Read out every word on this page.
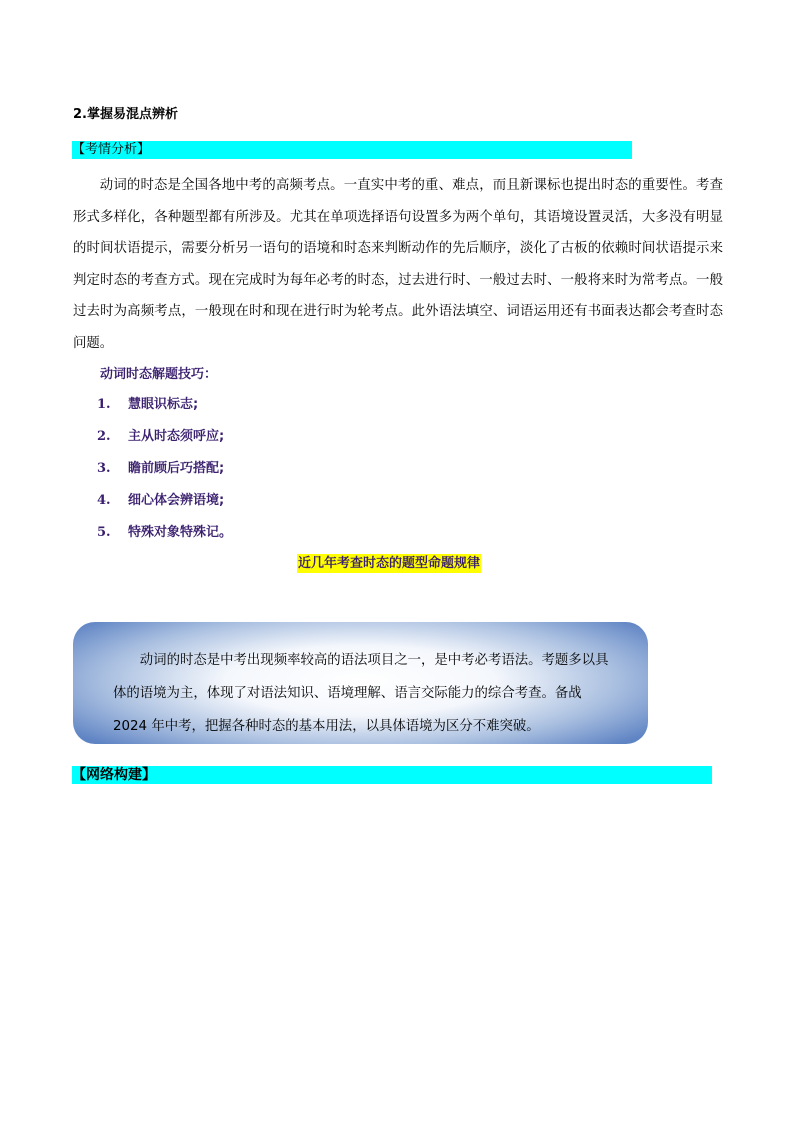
2.掌握易混点辨析
【考情分析】

动词的时态是全国各地中考的高频考点。一直实中考的重、难点，而且新课标也提出时态的重要性。考查形式多样化，各种题型都有所涉及。尤其在单项选择语句设置多为两个单句，其语境设置灵活，大多没有明显的时间状语提示，需要分析另一语句的语境和时态来判断动作的先后顺序，淡化了古板的依赖时间状语提示来判定时态的考查方式。现在完成时为每年必考的时态，过去进行时、一般过去时、一般将来时为常考点。一般过去时为高频考点，一般现在时和现在进行时为轮考点。此外语法填空、词语运用还有书面表达都会考查时态问题。

动词时态解题技巧：
1. 慧眼识标志;
2. 主从时态须呼应;
3. 瞻前顾后巧搭配;
4. 细心体会辨语境;
5. 特殊对象特殊记。
近几年考查时态的题型命题规律

动词的时态是中考出现频率较高的语法项目之一，是中考必考语法。考题多以具体的语境为主，体现了对语法知识、语境理解、语言交际能力的综合考查。备战 2024 年中考，把握各种时态的基本用法，以具体语境为区分不难突破。

【网络构建】
